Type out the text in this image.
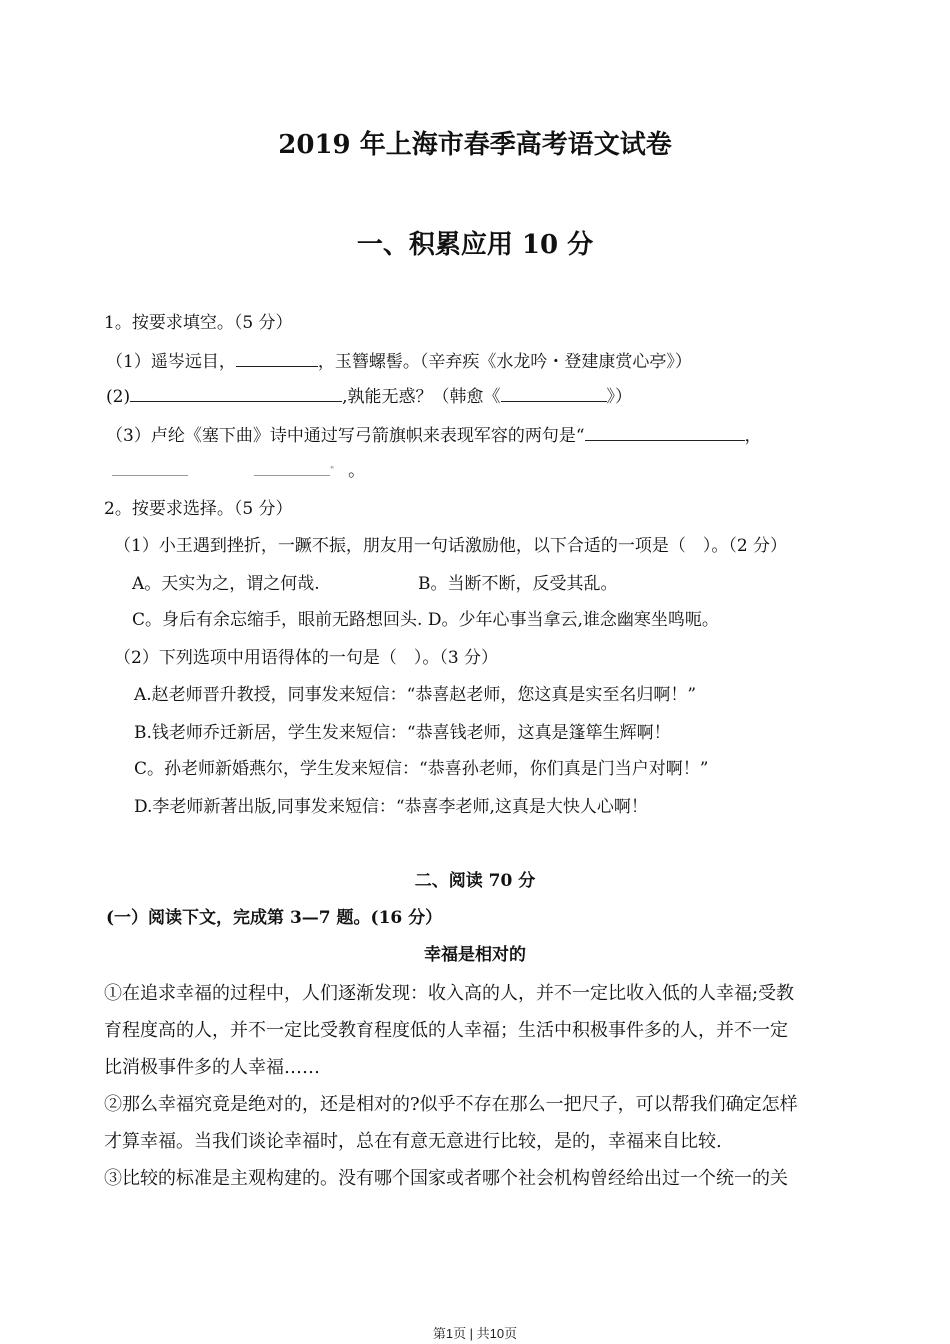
2019 年上海市春季高考语文试卷
一、积累应用 10 分
1。按要求填空。（5 分）
（1）遥岑远目，	，玉簪螺髻。（辛弃疾《水龙吟・登建康赏心亭》）
(2)	,孰能无惑？（韩愈《	》）
（3）卢纶《塞下曲》诗中通过写弓箭旗帜来表现军容的两句是“	，
" 。
2。按要求选择。（5 分）
（1）小王遇到挫折，一蹶不振，朋友用一句话激励他，以下合适的一项是（　）。（2 分）
A。天实为之，谓之何哉.	B。当断不断，反受其乱。
C。身后有余忘缩手，眼前无路想回头. D。少年心事当拿云,谁念幽寒坐鸣呃。
（2）下列选项中用语得体的一句是（　）。（3 分）
A.赵老师晋升教授，同事发来短信：“恭喜赵老师，您这真是实至名归啊！”
B.钱老师乔迁新居，学生发来短信：“恭喜钱老师，这真是篷筚生辉啊！
C。孙老师新婚燕尔，学生发来短信：“恭喜孙老师，你们真是门当户对啊！”
D.李老师新著出版,同事发来短信：“恭喜李老师,这真是大快人心啊！
二、阅读 70 分
(一）阅读下文，完成第 3—7 题。(16 分）
幸福是相对的
①在追求幸福的过程中，人们逐渐发现：收入高的人，并不一定比收入低的人幸福;受教
育程度高的人，并不一定比受教育程度低的人幸福；生活中积极事件多的人，并不一定
比消极事件多的人幸福……
②那么幸福究竟是绝对的，还是相对的?似乎不存在那么一把尺子，可以帮我们确定怎样
才算幸福。当我们谈论幸福时，总在有意无意进行比较，是的，幸福来自比较.
③比较的标准是主观构建的。没有哪个国家或者哪个社会机构曾经给出过一个统一的关
第1页 | 共10页
